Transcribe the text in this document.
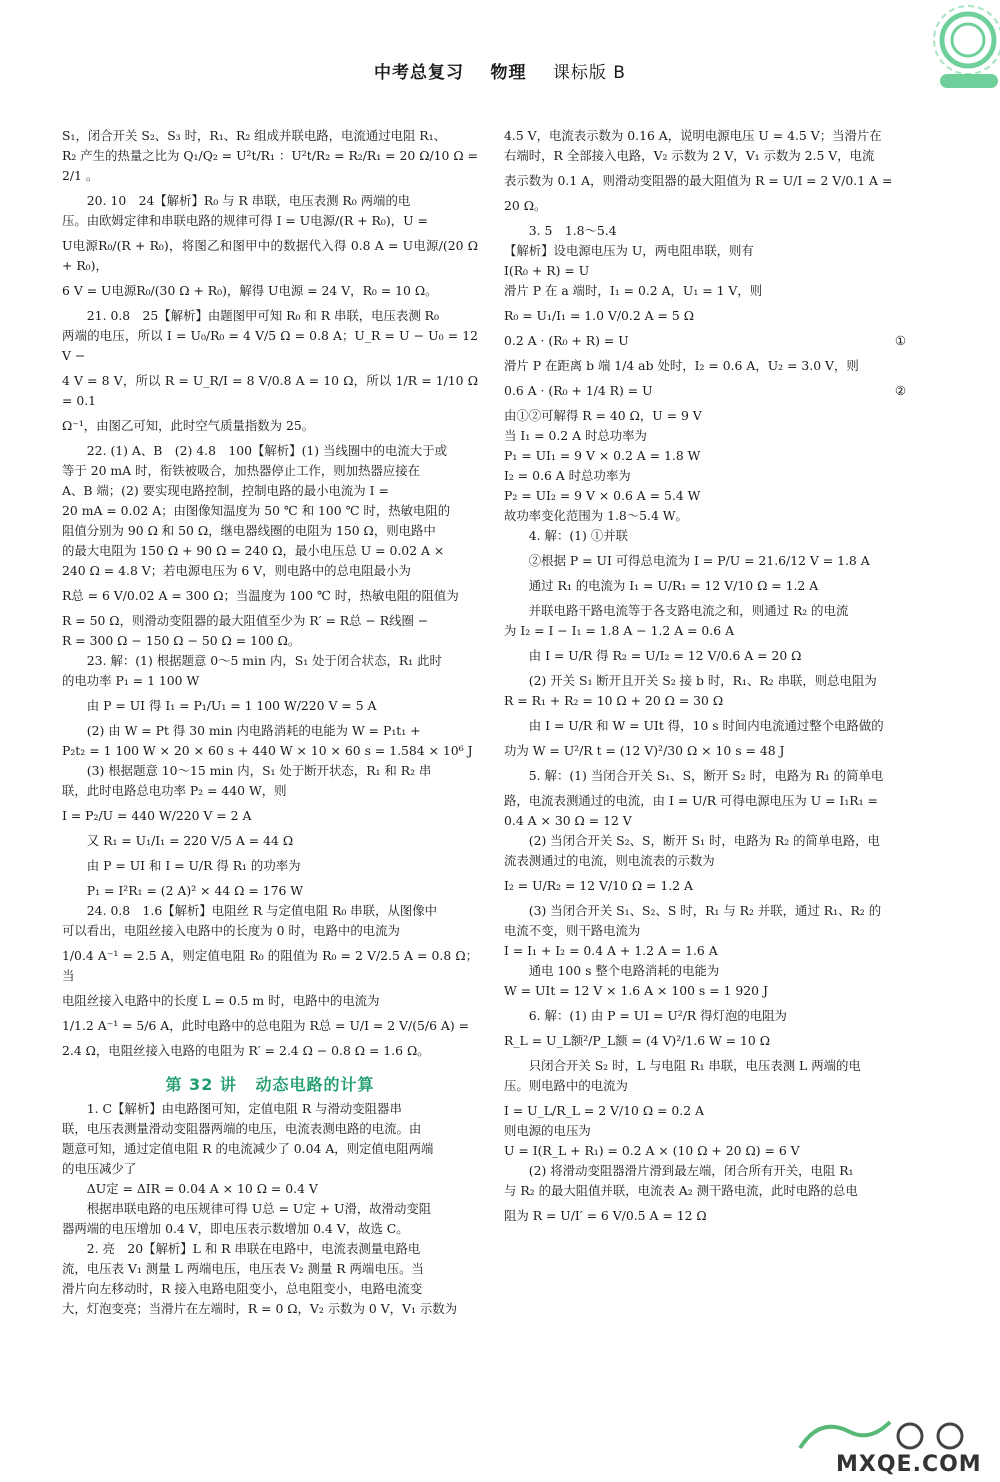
中考总复习 物理 课标版 B

S₁，闭合开关 S₂、S₃ 时，R₁、R₂ 组成并联电路，电流通过电阻 R₁、

R₂ 产生的热量之比为 Q₁/Q₂ = U²t/R₁ ：U²t/R₂ = R₂/R₁ = 20 Ω/10 Ω = 2/1 。

20. 10　24【解析】R₀ 与 R 串联，电压表测 R₀ 两端的电

压。由欧姆定律和串联电路的规律可得 I = U电源/(R + R₀)，U =

U电源R₀/(R + R₀)，将图乙和图甲中的数据代入得 0.8 A = U电源/(20 Ω + R₀)，

6 V = U电源R₀/(30 Ω + R₀)，解得 U电源 = 24 V，R₀ = 10 Ω。

21. 0.8　25【解析】由题图甲可知 R₀ 和 R 串联，电压表测 R₀

两端的电压，所以 I = U₀/R₀ = 4 V/5 Ω = 0.8 A；U_R = U − U₀ = 12 V −

4 V = 8 V，所以 R = U_R/I = 8 V/0.8 A = 10 Ω，所以 1/R = 1/10 Ω = 0.1

Ω⁻¹，由图乙可知，此时空气质量指数为 25。

22. (1) A、B　(2) 4.8　100【解析】(1) 当线圈中的电流大于或

等于 20 mA 时，衔铁被吸合，加热器停止工作，则加热器应接在

A、B 端；(2) 要实现电路控制，控制电路的最小电流为 I =

20 mA = 0.02 A；由图像知温度为 50 ℃ 和 100 ℃ 时，热敏电阻的

阻值分别为 90 Ω 和 50 Ω，继电器线圈的电阻为 150 Ω，则电路中

的最大电阻为 150 Ω + 90 Ω = 240 Ω，最小电压总 U = 0.02 A ×

240 Ω = 4.8 V；若电源电压为 6 V，则电路中的总电阻最小为

R总 = 6 V/0.02 A = 300 Ω；当温度为 100 ℃ 时，热敏电阻的阻值为

R = 50 Ω，则滑动变阻器的最大阻值至少为 R′ = R总 − R线圈 −

R = 300 Ω − 150 Ω − 50 Ω = 100 Ω。

23. 解：(1) 根据题意 0～5 min 内，S₁ 处于闭合状态，R₁ 此时

的电功率 P₁ = 1 100 W

由 P = UI 得 I₁ = P₁/U₁ = 1 100 W/220 V = 5 A

(2) 由 W = Pt 得 30 min 内电路消耗的电能为 W = P₁t₁ +

P₂t₂ = 1 100 W × 20 × 60 s + 440 W × 10 × 60 s = 1.584 × 10⁶ J

(3) 根据题意 10～15 min 内，S₁ 处于断开状态，R₁ 和 R₂ 串

联，此时电路总电功率 P₂ = 440 W，则

I = P₂/U = 440 W/220 V = 2 A

又 R₁ = U₁/I₁ = 220 V/5 A = 44 Ω

由 P = UI 和 I = U/R 得 R₁ 的功率为

P₁ = I²R₁ = (2 A)² × 44 Ω = 176 W

24. 0.8　1.6【解析】电阻丝 R 与定值电阻 R₀ 串联，从图像中

可以看出，电阻丝接入电路中的长度为 0 时，电路中的电流为

1/0.4 A⁻¹ = 2.5 A，则定值电阻 R₀ 的阻值为 R₀ = 2 V/2.5 A = 0.8 Ω；当

电阻丝接入电路中的长度 L = 0.5 m 时，电路中的电流为

1/1.2 A⁻¹ = 5/6 A，此时电路中的总电阻为 R总 = U/I = 2 V/(5/6 A) =

2.4 Ω，电阻丝接入电路的电阻为 R′ = 2.4 Ω − 0.8 Ω = 1.6 Ω。

第 32 讲 动态电路的计算

1. C【解析】由电路图可知，定值电阻 R 与滑动变阻器串

联，电压表测量滑动变阻器两端的电压，电流表测电路的电流。由

题意可知，通过定值电阻 R 的电流减少了 0.04 A，则定值电阻两端

的电压减少了

ΔU定 = ΔIR = 0.04 A × 10 Ω = 0.4 V

根据串联电路的电压规律可得 U总 = U定 + U滑，故滑动变阻

器两端的电压增加 0.4 V，即电压表示数增加 0.4 V，故选 C。

2. 亮　20【解析】L 和 R 串联在电路中，电流表测量电路电

流，电压表 V₁ 测量 L 两端电压，电压表 V₂ 测量 R 两端电压。当

滑片向左移动时，R 接入电路电阻变小，总电阻变小，电路电流变

大，灯泡变亮；当滑片在左端时，R = 0 Ω，V₂ 示数为 0 V，V₁ 示数为

4.5 V，电流表示数为 0.16 A，说明电源电压 U = 4.5 V；当滑片在

右端时，R 全部接入电路，V₂ 示数为 2 V，V₁ 示数为 2.5 V，电流

表示数为 0.1 A，则滑动变阻器的最大阻值为 R = U/I = 2 V/0.1 A =

20 Ω。

3. 5　1.8～5.4

【解析】设电源电压为 U，两电阻串联，则有

I(R₀ + R) = U

滑片 P 在 a 端时，I₁ = 0.2 A，U₁ = 1 V，则

R₀ = U₁/I₁ = 1.0 V/0.2 A = 5 Ω

0.2 A · (R₀ + R) = U	①

滑片 P 在距离 b 端 1/4 ab 处时，I₂ = 0.6 A，U₂ = 3.0 V，则

0.6 A · (R₀ + 1/4 R) = U	②

由①②可解得 R = 40 Ω，U = 9 V

当 I₁ = 0.2 A 时总功率为

P₁ = UI₁ = 9 V × 0.2 A = 1.8 W

I₂ = 0.6 A 时总功率为

P₂ = UI₂ = 9 V × 0.6 A = 5.4 W

故功率变化范围为 1.8～5.4 W。

4. 解：(1) ①并联

②根据 P = UI 可得总电流为 I = P/U = 21.6/12 V = 1.8 A

通过 R₁ 的电流为 I₁ = U/R₁ = 12 V/10 Ω = 1.2 A

并联电路干路电流等于各支路电流之和，则通过 R₂ 的电流

为 I₂ = I − I₁ = 1.8 A − 1.2 A = 0.6 A

由 I = U/R 得 R₂ = U/I₂ = 12 V/0.6 A = 20 Ω

(2) 开关 S₁ 断开且开关 S₂ 接 b 时，R₁、R₂ 串联，则总电阻为

R = R₁ + R₂ = 10 Ω + 20 Ω = 30 Ω

由 I = U/R 和 W = UIt 得，10 s 时间内电流通过整个电路做的

功为 W = U²/R t = (12 V)²/30 Ω × 10 s = 48 J

5. 解：(1) 当闭合开关 S₁、S，断开 S₂ 时，电路为 R₁ 的简单电

路，电流表测通过的电流，由 I = U/R 可得电源电压为 U = I₁R₁ =

0.4 A × 30 Ω = 12 V

(2) 当闭合开关 S₂、S，断开 S₁ 时，电路为 R₂ 的简单电路，电

流表测通过的电流，则电流表的示数为

I₂ = U/R₂ = 12 V/10 Ω = 1.2 A

(3) 当闭合开关 S₁、S₂、S 时，R₁ 与 R₂ 并联，通过 R₁、R₂ 的

电流不变，则干路电流为

I = I₁ + I₂ = 0.4 A + 1.2 A = 1.6 A

通电 100 s 整个电路消耗的电能为

W = UIt = 12 V × 1.6 A × 100 s = 1 920 J

6. 解：(1) 由 P = UI = U²/R 得灯泡的电阻为

R_L = U_L额²/P_L额 = (4 V)²/1.6 W = 10 Ω

只闭合开关 S₂ 时，L 与电阻 R₁ 串联，电压表测 L 两端的电

压。则电路中的电流为

I = U_L/R_L = 2 V/10 Ω = 0.2 A

则电源的电压为

U = I(R_L + R₁) = 0.2 A × (10 Ω + 20 Ω) = 6 V

(2) 将滑动变阻器滑片滑到最左端，闭合所有开关，电阻 R₁

与 R₂ 的最大阻值并联，电流表 A₂ 测干路电流，此时电路的总电

阻为 R = U/I′ = 6 V/0.5 A = 12 Ω

MXQE.COM
